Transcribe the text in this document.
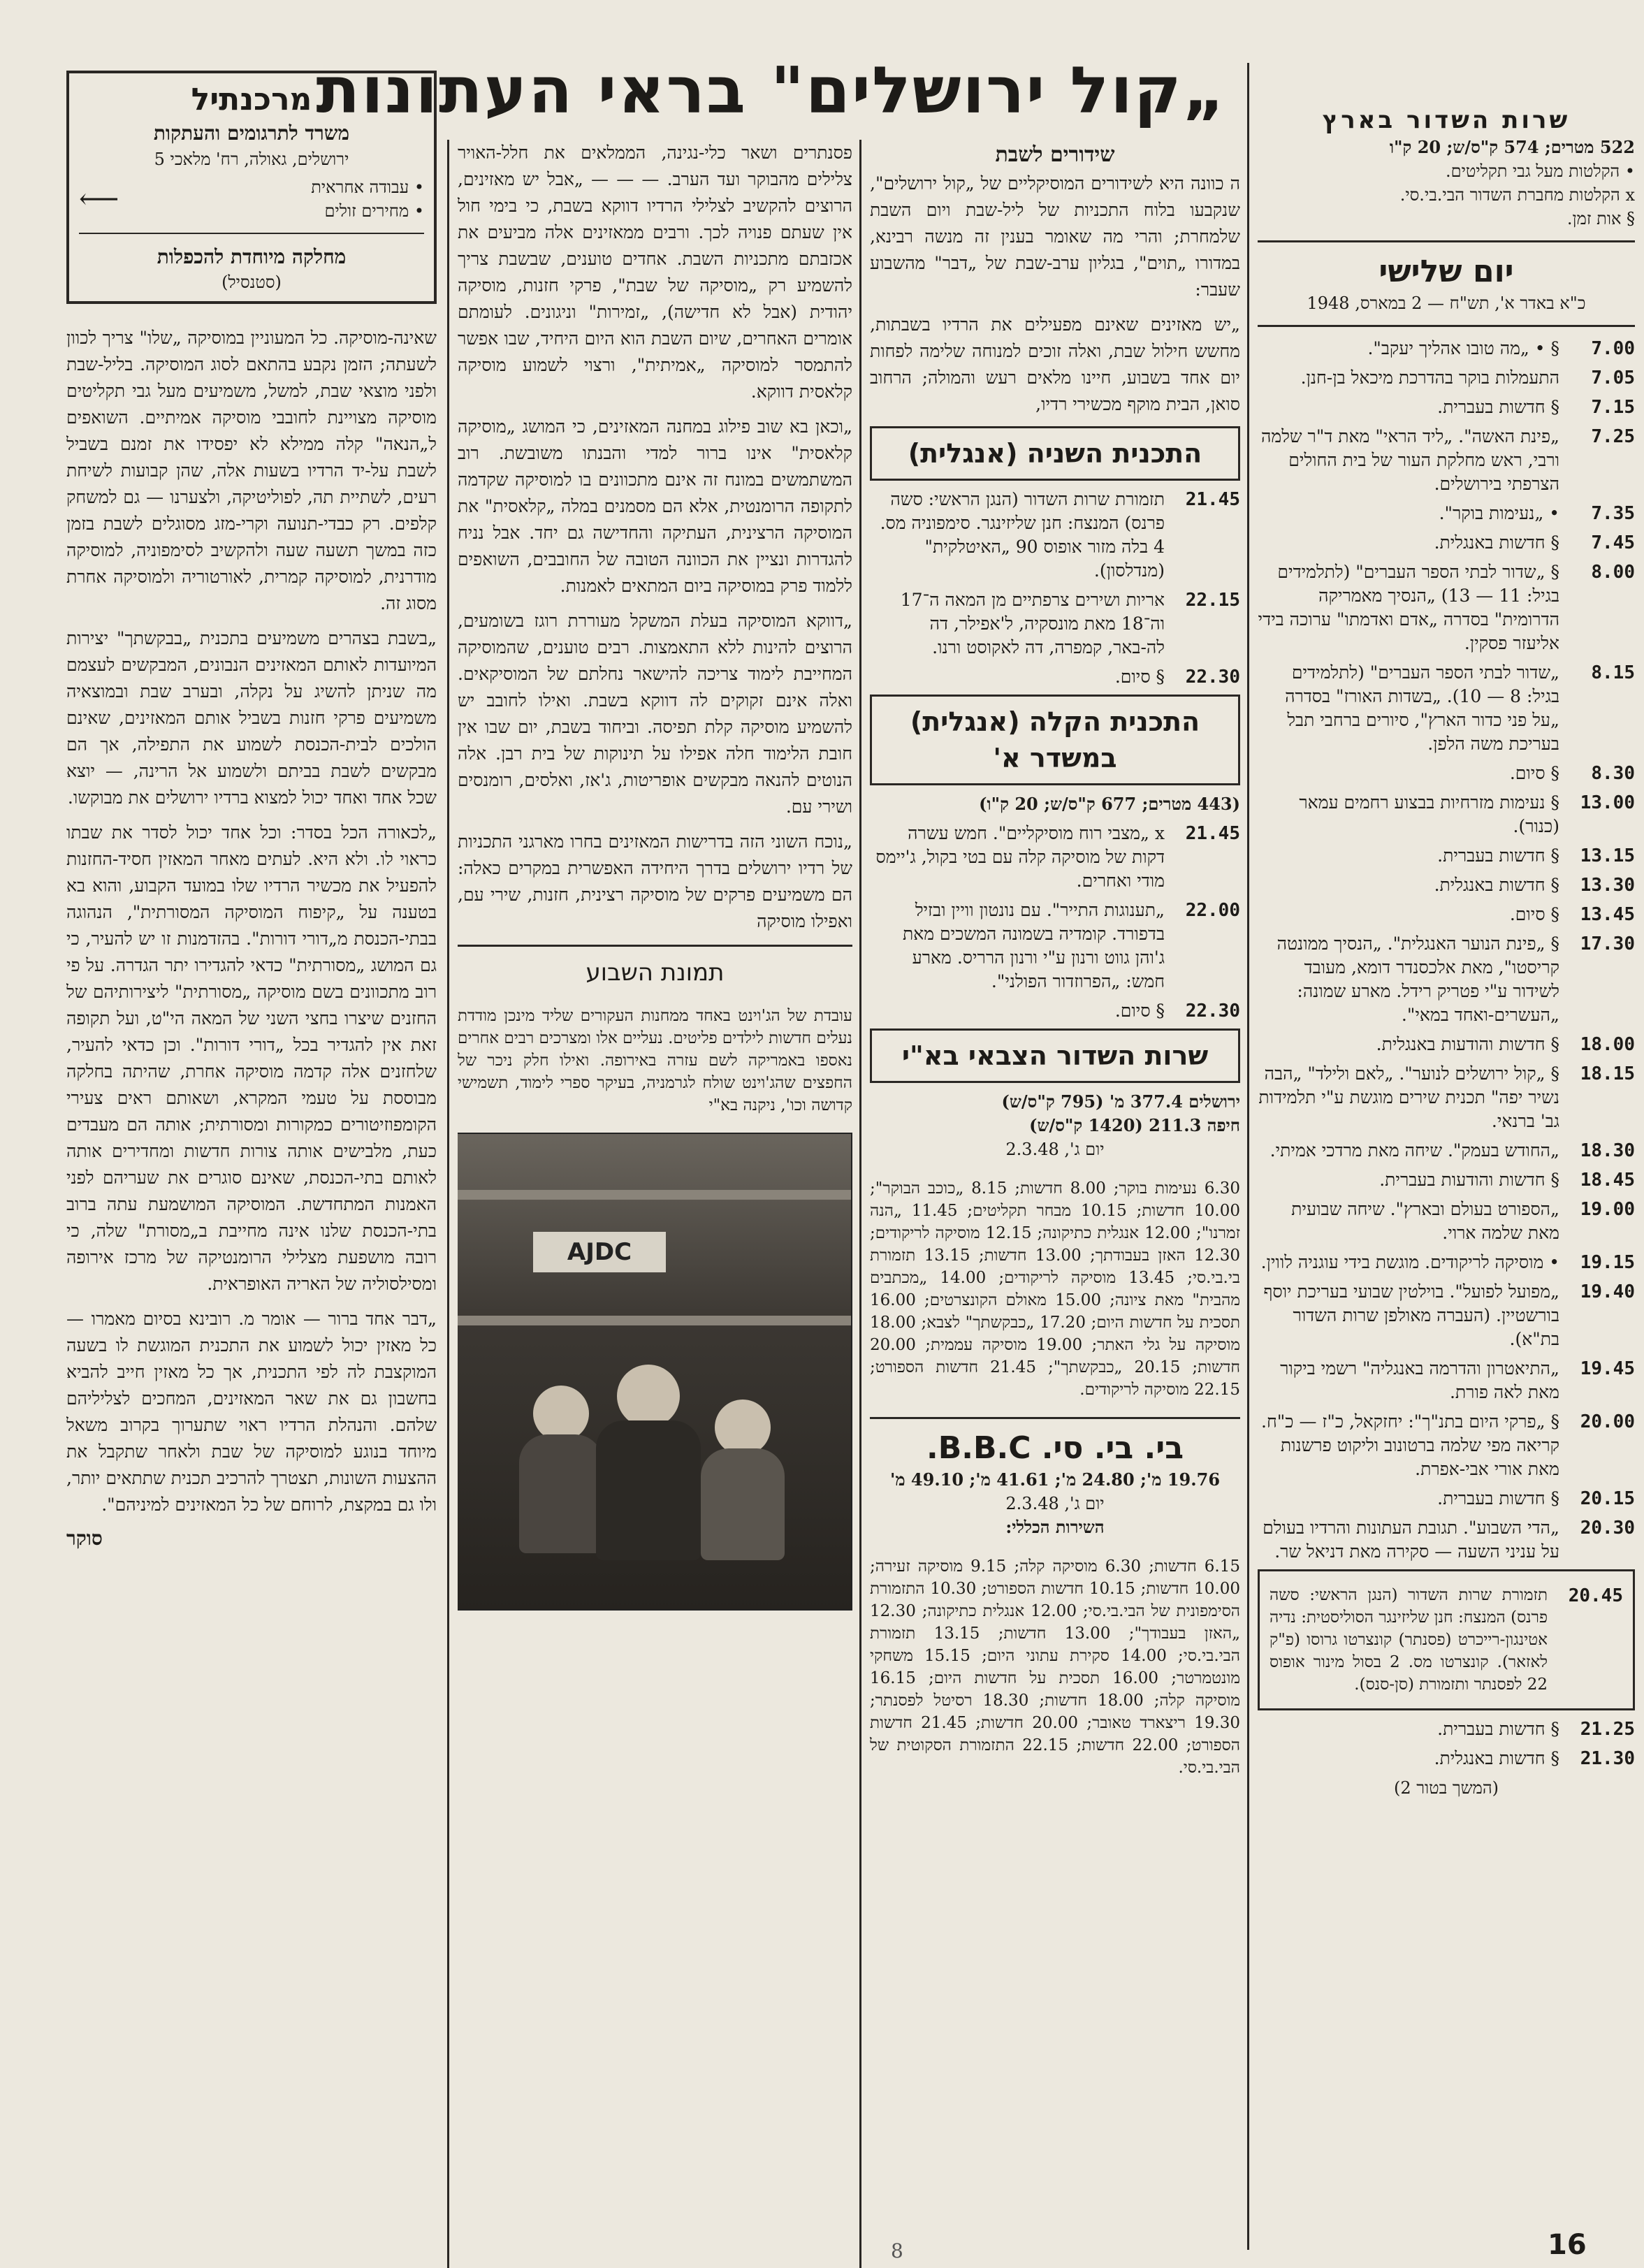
„קול ירושלים" בראי העתונות	שרות השדור בארץ
522 מטרים; 574 ק"ס/ש; 20 ק"ו
• הקלטות מעל גבי תקליטים.
x הקלטות מחברת השדור הבי.בי.סי.
§ אות זמן.
יום שלישי
כ"א באדר א', תש"ח — 2 במארס, 1948
7.00
§ • „מה טובו אהליך יעקב".
7.05
התעמלות בוקר בהדרכת מיכאל בן-חנן.
7.15
§ חדשות בעברית.
7.25
„פינת האשה". „ליד הראי" מאת ד"ר שלמה ורבי, ראש מחלקת העור של בית החולים הצרפתי בירושלים.
7.35
• „נעימות בוקר".
7.45
§ חדשות באנגלית.
8.00
§ „שדור לבתי הספר העברים" (לתלמידים בגיל: 11 — 13) „הנסיך מאמריקה הדרומית" בסדרה „אדם ואדמתו" ערוכה בידי אליעזר פסקין.
8.15
„שדור לבתי הספר העברים" (לתלמידים בגיל: 8 — 10). „בשדות האורז" בסדרה „על פני כדור הארץ", סיורים ברחבי תבל בעריכת משה הלפן.
8.30
§ סיום.
13.00
§ נעימות מזרחיות בבצוע רחמים עמאר (כנור).
13.15
§ חדשות בעברית.
13.30
§ חדשות באנגלית.
13.45
§ סיום.
17.30
§ „פינת הנוער האנגלית". „הנסיך ממונטה קריסטו", מאת אלכסנדר דומא, מעובד לשידור ע"י פטריק רידל. מארע שמונה: „העשרים-ואחד במאי".
18.00
§ חדשות והודעות באנגלית.
18.15
§ „קול ירושלים לנוער". „לאם ולילד" „הבה נשיר יפה" תכנית שירים מוגשת ע"י תלמידות גב' ברנאי.
18.30
„החודש בעמק". שיחה מאת מרדכי אמיתי.
18.45
§ חדשות והודעות בעברית.
19.00
„הספורט בעולם ובארץ". שיחה שבועית מאת שלמה ארוי.
19.15
• מוסיקה לריקודים. מוגשת בידי עוגניה לווין.
19.40
„מפועל לפועל". בוילטין שבועי בעריכת יוסף בורשטיין. (העברה מאולפן שרות השדור בת"א).
19.45
„התיאטרון והדרמה באנגליה" רשמי ביקור מאת לאה פורת.
20.00
§ „פרקי היום בתנ"ך": יחזקאל, כ"ז — כ"ח. קריאה מפי שלמה ברטונוב וליקוט פרשנות מאת אורי אבי-אפרת.
20.15
§ חדשות בעברית.
20.30
„הדי השבוע". תגובת העתונות והרדיו בעולם על עניני השעה — סקירה מאת דניאל שר.
20.45
תזמורת שרות השדור (הנגן הראשי: סשה פרנס) המנצח: חנן שליזינגר הסוליסטית: נדיה אטינגון-רייכרט (פסנתר) קונצרטו גרוסו (פ"ק לאזאר). קונצרטו מס. 2 בסול מינור אופוס 22 לפסנתר ותזמורת (סן-סנס).
21.25
§ חדשות בעברית.
21.30
§ חדשות באנגלית.
(המשך בטור 2)
שידורים לשבת

ה כוונה היא לשידורים המוסיקליים של „קול ירושלים", שנקבעו בלוח התכניות של ליל-שבת ויום השבת שלמחרת; והרי מה שאומר בענין זה מנשה רבינא, במדורו „תוים", בגליון ערב-שבת של „דבר" מהשבוע שעבר:

„יש מאזינים שאינם מפעילים את הרדיו בשבתות, מחשש חילול שבת, ואלה זוכים למנוחה שלימה לפחות יום אחד בשבוע, חיינו מלאים רעש והמולה; הרחוב סואן, הבית מוקף מכשירי רדיו,

התכנית השניה (אנגלית)
21.45
תזמורת שרות השדור (הנגן הראשי: סשה פרנס) המנצח: חנן שליזינגר. סימפוניה מס. 4 בלה מזור אופוס 90 „האיטלקית" (מנדלסון).
22.15
אריות ושירים צרפתיים מן המאה ה־17 וה־18 מאת מונסקיה, ל'אפילר, דה לה-באר, קמפרה, דה לאקוסט ורנו.
22.30
§ סיום.
התכנית הקלה (אנגלית) במשדר א'
(443 מטרים; 677 ק"ס/ש; 20 ק"ו)
21.45
x „מצבי רוח מוסיקליים". חמש עשרה דקות של מוסיקה קלה עם בטי בקול, ג'יימס מודי ואחרים.
22.00
„תענוגות התייר". עם נונטון וויין ובזיל בדפורד. קומדיה בשמונה המשכים מאת ג'והן גווט ורנון ע"י ורנון הרריס. מארע חמש: „הפרוזדור הפולני".
22.30
§ סיום.
שרות השדור הצבאי בא"י
ירושלים 377.4 מ' (795 ק"ס/ש)
חיפה 211.3 (1420 ק"ס/ש)
יום ג', 2.3.48

6.30 נעימות בוקר; 8.00 חדשות; 8.15 „כוכב הבוקר"; 10.00 חדשות; 10.15 מבחר תקליטים; 11.45 „הנה זמרנו"; 12.00 אנגלית כתיקונה; 12.15 מוסיקה לריקודים; 12.30 האזן בעבודתך; 13.00 חדשות; 13.15 תזמורת בי.בי.סי; 13.45 מוסיקה לריקודים; 14.00 „מכתבים מהבית" מאת ציונה; 15.00 מאולם הקונצרטים; 16.00 תסכית על חדשות היום; 17.20 „כבקשתך" לצבא; 18.00 מוסיקה על גלי האתר; 19.00 מוסיקה עממית; 20.00 חדשות; 20.15 „כבקשתך"; 21.45 חדשות הספורט; 22.15 מוסיקה לריקודים.

בי. בי. סי. B.B.C.
19.76 מ'; 24.80 מ'; 41.61 מ'; 49.10 מ'
יום ג', 2.3.48
השירות הכללי:

6.15 חדשות; 6.30 מוסיקה קלה; 9.15 מוסיקה זעירה; 10.00 חדשות; 10.15 חדשות הספורט; 10.30 התזמורת הסימפונית של הבי.בי.סי; 12.00 אנגלית כתיקונה; 12.30 „האזן בעבודך"; 13.00 חדשות; 13.15 תזמורת הבי.בי.סי; 14.00 סקירת עתוני היום; 15.15 משחקי מונטמרטר; 16.00 תסכית על חדשות היום; 16.15 מוסיקה קלה; 18.00 חדשות; 18.30 רסיטל לפסנתר; 19.30 ריצארד טאובר; 20.00 חדשות; 21.45 חדשות הספורט; 22.00 חדשות; 22.15 התזמורת הסקוטית של הבי.בי.סי.

פסנתרים ושאר כלי-נגינה, הממלאים את חלל-האויר צלילים מהבוקר ועד הערב. — — — „אבל יש מאזינים, הרוצים להקשיב לצלילי הרדיו דווקא בשבת, כי בימי חול אין שעתם פנויה לכך. ורבים ממאזינים אלה מביעים את אכזבתם מתכניות השבת. אחדים טוענים, שבשבת צריך להשמיע רק „מוסיקה של שבת", פרקי חזנות, מוסיקה יהודית (אבל לא חדישה), „זמירות" וניגונים. לעומתם אומרים האחרים, שיום השבת הוא היום היחיד, שבו אפשר להתמסר למוסיקה „אמיתית", ורצוי לשמוע מוסיקה קלאסית דווקא.

„וכאן בא שוב פילוג במחנה המאזינים, כי המושג „מוסיקה קלאסית" אינו ברור למדי והבנתו משובשת. רוב המשתמשים במונח זה אינם מתכוונים בו למוסיקה שקדמה לתקופה הרומנטית, אלא הם מסמנים במלה „קלאסית" את המוסיקה הרצינית, העתיקה והחדישה גם יחד. אבל נניח להגדרות ונציין את הכוונה הטובה של החובבים, השואפים ללמוד פרק במוסיקה ביום המתאים לאמנות.

„דווקא המוסיקה בעלת המשקל מעוררת רוגז בשומעים, הרוצים להינות ללא התאמצות. רבים טוענים, שהמוסיקה המחייבת לימוד צריכה להישאר נחלתם של המוסיקאים. ואלה אינם זקוקים לה דווקא בשבת. ואילו לחובב יש להשמיע מוסיקה קלת תפיסה. וביחוד בשבת, יום שבו אין חובת הלימוד חלה אפילו על תינוקות של בית רבן. אלה הנוטים להנאה מבקשים אופריטות, ג'אז, ואלסים, רומנסים ושירי עם.

„נוכח השוני הזה בדרישות המאזינים בחרו מארגני התכניות של רדיו ירושלים בדרך היחידה האפשרית במקרים כאלה: הם משמיעים פרקים של מוסיקה רצינית, חזנות, שירי עם, ואפילו מוסיקה

תמונת השבוע

עובדת של הג'וינט באחד ממחנות העקורים שליד מינכן מודדת נעלים חדשות לילדים פליטים. נעליים אלו ומצרכים רבים אחרים נאספו באמריקה לשם עזרה באירופה. ואילו חלק ניכר של החפצים שהג'וינט שולח לגרמניה, בעיקר ספרי לימוד, תשמישי קדושה וכו', ניקנה בא"י

AJDC
מרכנתיל
משרד לתרגומים והעתקות
ירושלים, גאולה, רח' מלאכי 5
• עבודה אחראית
• מחירים זולים
⟵
מחלקה מיוחדת להכפלות
(סטנסיל)

שאינה-מוסיקה. כל המעוניין במוסיקה „שלו" צריך לכוון לשעתה; הזמן נקבע בהתאם לסוג המוסיקה. בליל-שבת ולפני מוצאי שבת, למשל, משמיעים מעל גבי תקליטים מוסיקה מצויינת לחובבי מוסיקה אמיתיים. השואפים ל„הנאה" קלה ממילא לא יפסידו את זמנם בשביל לשבת על-יד הרדיו בשעות אלה, שהן קבועות לשיחת רעים, לשתיית תה, לפוליטיקה, ולצערנו — גם למשחק קלפים. רק כבדי-תנועה וקרי-מזג מסוגלים לשבת בזמן כזה במשך תשעה שעה ולהקשיב לסימפוניה, למוסיקה מודרנית, למוסיקה קמרית, לאורטוריה ולמוסיקה אחרת מסוג זה.

„בשבת בצהרים משמיעים בתכנית „בבקשתך" יצירות המיועדות לאותם המאזינים הנבונים, המבקשים לעצמם מה שניתן להשיג על נקלה, ובערב שבת ובמוצאיה משמיעים פרקי חזנות בשביל אותם המאזינים, שאינם הולכים לבית-הכנסת לשמוע את התפילה, אך הם מבקשים לשבת בביתם ולשמוע אל הרינה, — יוצא שכל אחד ואחד יכול למצוא ברדיו ירושלים את מבוקשו.

„לכאורה הכל בסדר: וכל אחד יכול לסדר את שבתו כראוי לו. ולא היא. לעתים מאחר המאזין חסיד-החזנות להפעיל את מכשיר הרדיו שלו במועד הקבוע, והוא בא בטענה על „קיפוח המוסיקה המסורתית", הנהוגה בבתי-הכנסת מ„דורי דורות". בהזדמנות זו יש להעיר, כי גם המושג „מסורתית" כדאי להגדירו יתר הגדרה. על פי רוב מתכוונים בשם מוסיקה „מסורתית" ליצירותיהם של החזנים שיצרו בחצי השני של המאה הי"ט, ועל תקופה זאת אין להגדיר בכל „דורי דורות". וכן כדאי להעיר, שלחזנים אלה קדמה מוסיקה אחרת, שהיתה בחלקה מבוססת על טעמי המקרא, ושאותם ראים צעירי הקומפוזיטורים כמקורות ומסורתית; אותה הם מעבדים כעת, מלבישים אותה צורות חדשות ומחדירים אותה לאותם בתי-הכנסת, שאינם סוגרים את שעריהם לפני האמנות המתחדשת. המוסיקה המושמעת עתה ברוב בתי-הכנסת שלנו אינה מחייבת ב„מסורת" שלה, כי רובה מושפעת מצלילי הרומנטיקה של מרכז אירופה ומסילסוליה של האריה האופראית.

„דבר אחד ברור — אומר מ. רובינא בסיום מאמרו — כל מאזין יכול לשמוע את התכנית המוגשת לו בשעה המוקצבת לה לפי התכנית, אך כל מאזין חייב להביא בחשבון גם את שאר המאזינים, המחכים לצליליהם שלהם. והנהלת הרדיו ראוי שתערוך בקרוב משאל מיוחד בנוגע למוסיקה של שבת ולאחר שתקבל את ההצעות השונות, תצטרך להרכיב תכנית שתתאים יותר, ולו גם במקצת, לרוחם של כל המאזינים למיניהם".

סוקר
16
8
